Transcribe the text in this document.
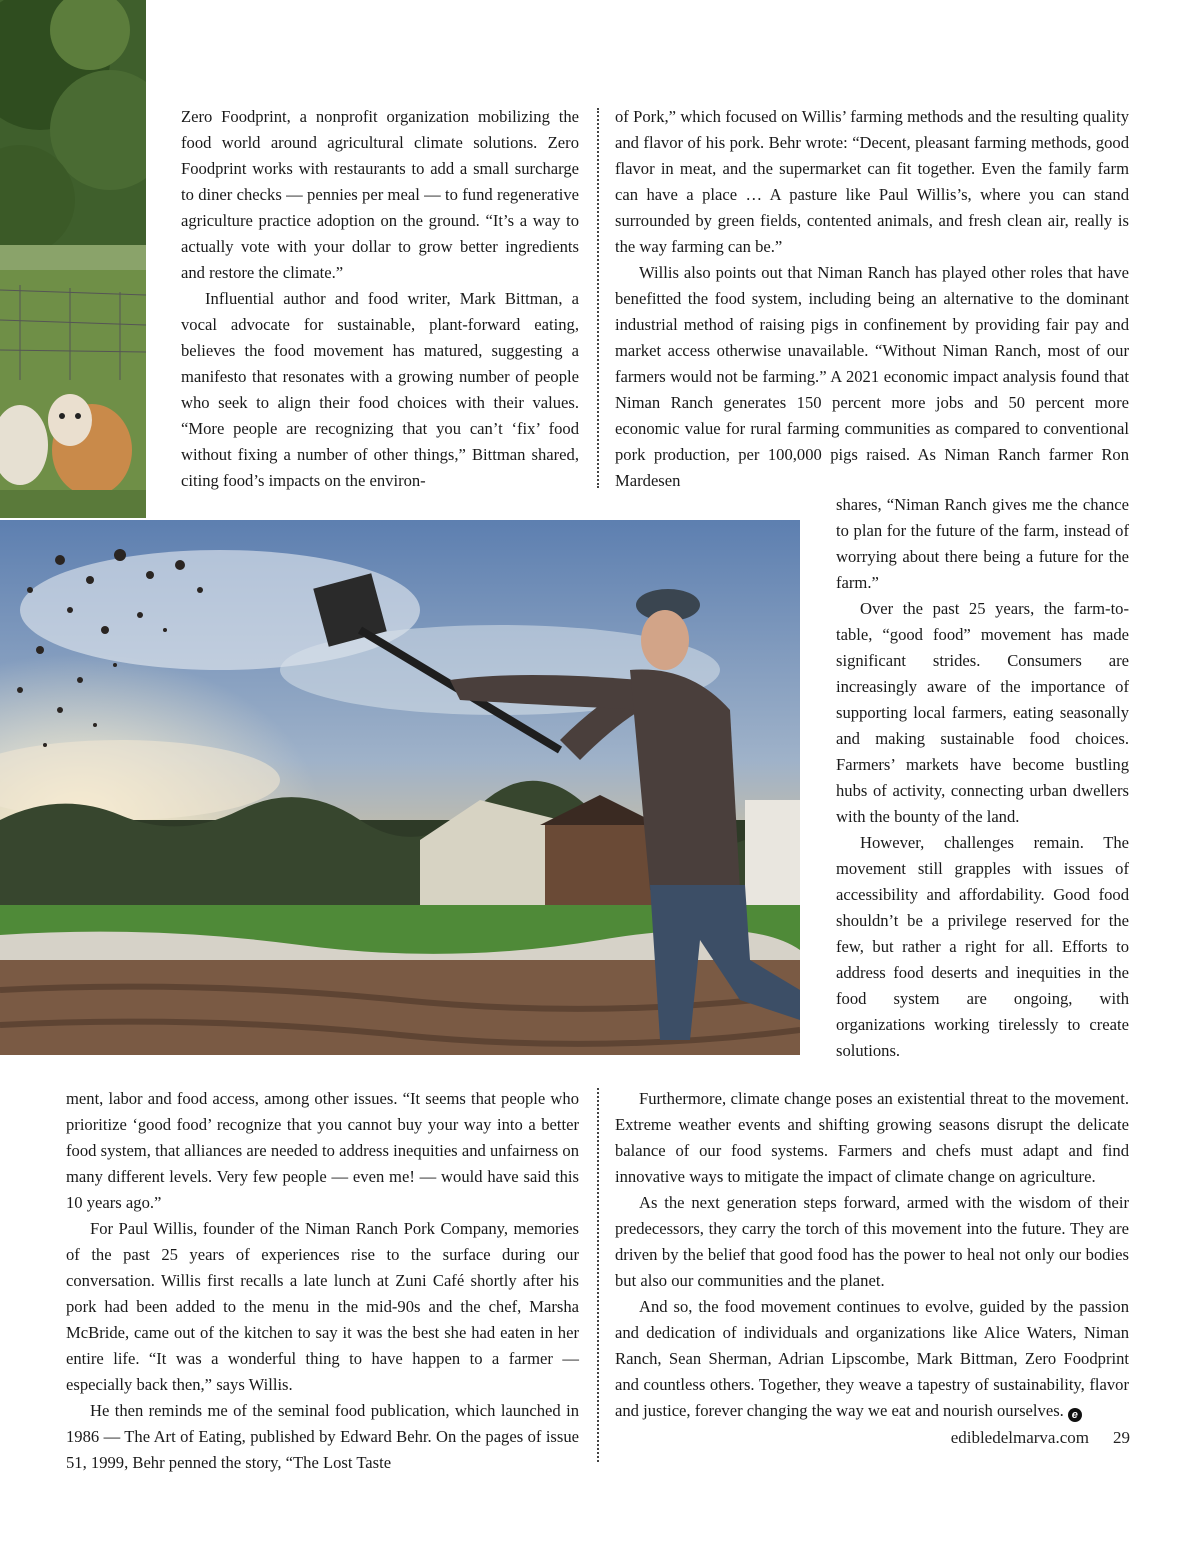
Zero Foodprint, a nonprofit organization mobilizing the food world around agricultural climate solutions. Zero Foodprint works with restaurants to add a small surcharge to diner checks — pennies per meal — to fund regenerative agriculture practice adoption on the ground. “It’s a way to actually vote with your dollar to grow better ingredients and restore the climate.”

Influential author and food writer, Mark Bittman, a vocal advocate for sustainable, plant-forward eating, believes the food movement has matured, suggesting a manifesto that resonates with a growing number of people who seek to align their food choices with their values. “More people are recognizing that you can’t ‘fix’ food without fixing a number of other things,” Bittman shared, citing food’s impacts on the environ-

of Pork,” which focused on Willis’ farming methods and the resulting quality and flavor of his pork. Behr wrote: “Decent, pleasant farming methods, good flavor in meat, and the supermarket can fit together. Even the family farm can have a place … A pasture like Paul Willis’s, where you can stand surrounded by green fields, contented animals, and fresh clean air, really is the way farming can be.”

Willis also points out that Niman Ranch has played other roles that have benefitted the food system, including being an alternative to the dominant industrial method of raising pigs in confinement by providing fair pay and market access otherwise unavailable. “Without Niman Ranch, most of our farmers would not be farming.” A 2021 economic impact analysis found that Niman Ranch generates 150 percent more jobs and 50 percent more economic value for rural farming communities as compared to conventional pork production, per 100,000 pigs raised. As Niman Ranch farmer Ron Mardesen

shares, “Niman Ranch gives me the chance to plan for the future of the farm, instead of worrying about there being a future for the farm.”

Over the past 25 years, the farm-to-table, “good food” movement has made significant strides. Consumers are increasingly aware of the importance of supporting local farmers, eating seasonally and making sustainable food choices. Farmers’ markets have become bustling hubs of activity, connecting urban dwellers with the bounty of the land.

However, challenges remain. The movement still grapples with issues of accessibility and affordability. Good food shouldn’t be a privilege reserved for the few, but rather a right for all. Efforts to address food deserts and inequities in the food system are ongoing, with organizations working tirelessly to create solutions.

ment, labor and food access, among other issues. “It seems that people who prioritize ‘good food’ recognize that you cannot buy your way into a better food system, that alliances are needed to address inequities and unfairness on many different levels. Very few people — even me! — would have said this 10 years ago.”

For Paul Willis, founder of the Niman Ranch Pork Company, memories of the past 25 years of experiences rise to the surface during our conversation. Willis first recalls a late lunch at Zuni Café shortly after his pork had been added to the menu in the mid-90s and the chef, Marsha McBride, came out of the kitchen to say it was the best she had eaten in her entire life. “It was a wonderful thing to have happen to a farmer — especially back then,” says Willis.

He then reminds me of the seminal food publication, which launched in 1986 — The Art of Eating, published by Edward Behr. On the pages of issue 51, 1999, Behr penned the story, “The Lost Taste

Furthermore, climate change poses an existential threat to the movement. Extreme weather events and shifting growing seasons disrupt the delicate balance of our food systems. Farmers and chefs must adapt and find innovative ways to mitigate the impact of climate change on agriculture.

As the next generation steps forward, armed with the wisdom of their predecessors, they carry the torch of this movement into the future. They are driven by the belief that good food has the power to heal not only our bodies but also our communities and the planet.

And so, the food movement continues to evolve, guided by the passion and dedication of individuals and organizations like Alice Waters, Niman Ranch, Sean Sherman, Adrian Lipscombe, Mark Bittman, Zero Foodprint and countless others. Together, they weave a tapestry of sustainability, flavor and justice, forever changing the way we eat and nourish ourselves. e

edibledelmarva.com 29
